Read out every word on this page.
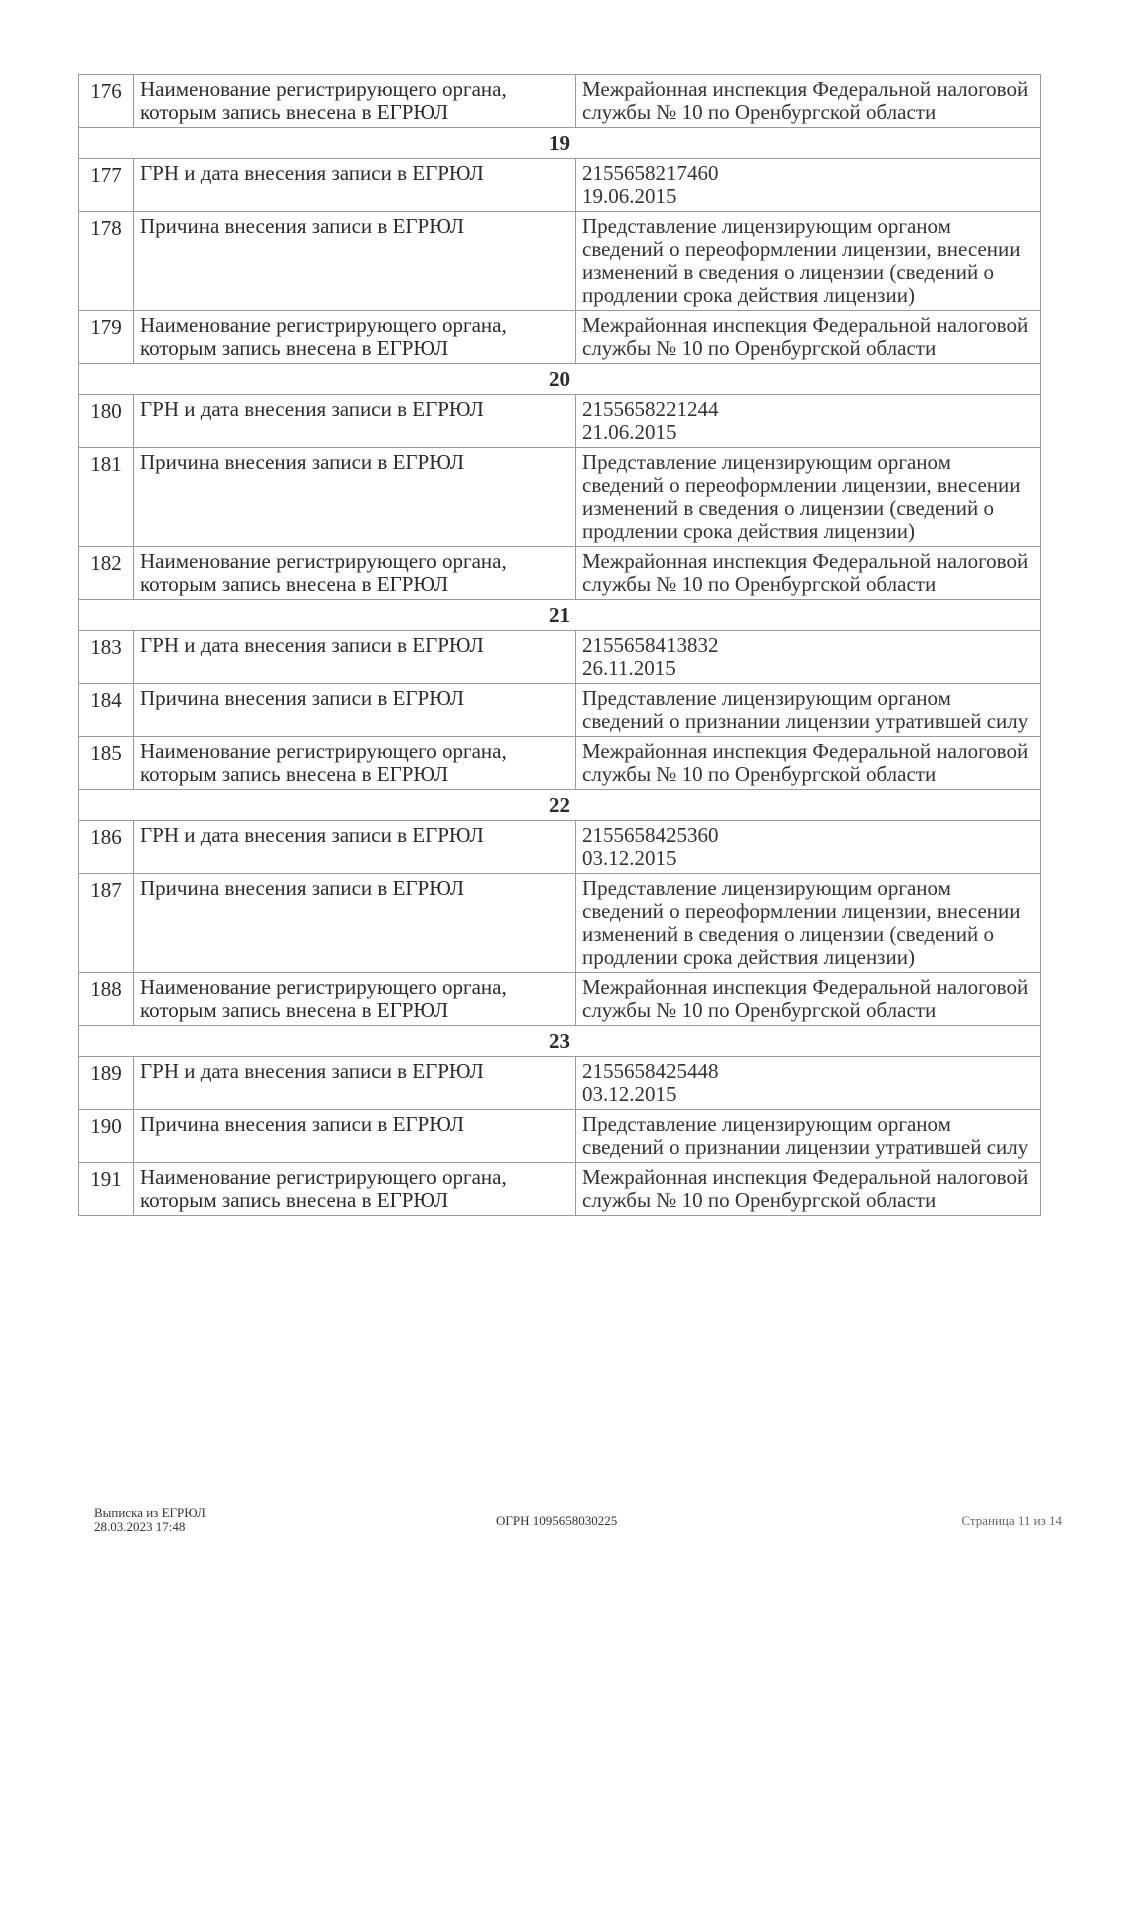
176	Наименование регистрирующего органа, которым запись внесена в ЕГРЮЛ	Межрайонная инспекция Федеральной налоговой службы № 10 по Оренбургской области

19		
177	ГРН и дата внесения записи в ЕГРЮЛ	2155658217460
19.06.2015

178	Причина внесения записи в ЕГРЮЛ	Представление лицензирующим органом сведений о переоформлении лицензии, внесении изменений в сведения о лицензии (сведений о продлении срока действия лицензии)

179	Наименование регистрирующего органа, которым запись внесена в ЕГРЮЛ	Межрайонная инспекция Федеральной налоговой службы № 10 по Оренбургской области

20		
180	ГРН и дата внесения записи в ЕГРЮЛ	2155658221244
21.06.2015

181	Причина внесения записи в ЕГРЮЛ	Представление лицензирующим органом сведений о переоформлении лицензии, внесении изменений в сведения о лицензии (сведений о продлении срока действия лицензии)

182	Наименование регистрирующего органа, которым запись внесена в ЕГРЮЛ	Межрайонная инспекция Федеральной налоговой службы № 10 по Оренбургской области

21		
183	ГРН и дата внесения записи в ЕГРЮЛ	2155658413832
26.11.2015

184	Причина внесения записи в ЕГРЮЛ	Представление лицензирующим органом сведений о признании лицензии утратившей силу

185	Наименование регистрирующего органа, которым запись внесена в ЕГРЮЛ	Межрайонная инспекция Федеральной налоговой службы № 10 по Оренбургской области

22		
186	ГРН и дата внесения записи в ЕГРЮЛ	2155658425360
03.12.2015

187	Причина внесения записи в ЕГРЮЛ	Представление лицензирующим органом сведений о переоформлении лицензии, внесении изменений в сведения о лицензии (сведений о продлении срока действия лицензии)

188	Наименование регистрирующего органа, которым запись внесена в ЕГРЮЛ	Межрайонная инспекция Федеральной налоговой службы № 10 по Оренбургской области

23		
189	ГРН и дата внесения записи в ЕГРЮЛ	2155658425448
03.12.2015

190	Причина внесения записи в ЕГРЮЛ	Представление лицензирующим органом сведений о признании лицензии утратившей силу

191	Наименование регистрирующего органа, которым запись внесена в ЕГРЮЛ	Межрайонная инспекция Федеральной налоговой службы № 10 по Оренбургской области
Выписка из ЕГРЮЛ
28.03.2023 17:48	ОГРН 1095658030225	Страница 11 из 14
